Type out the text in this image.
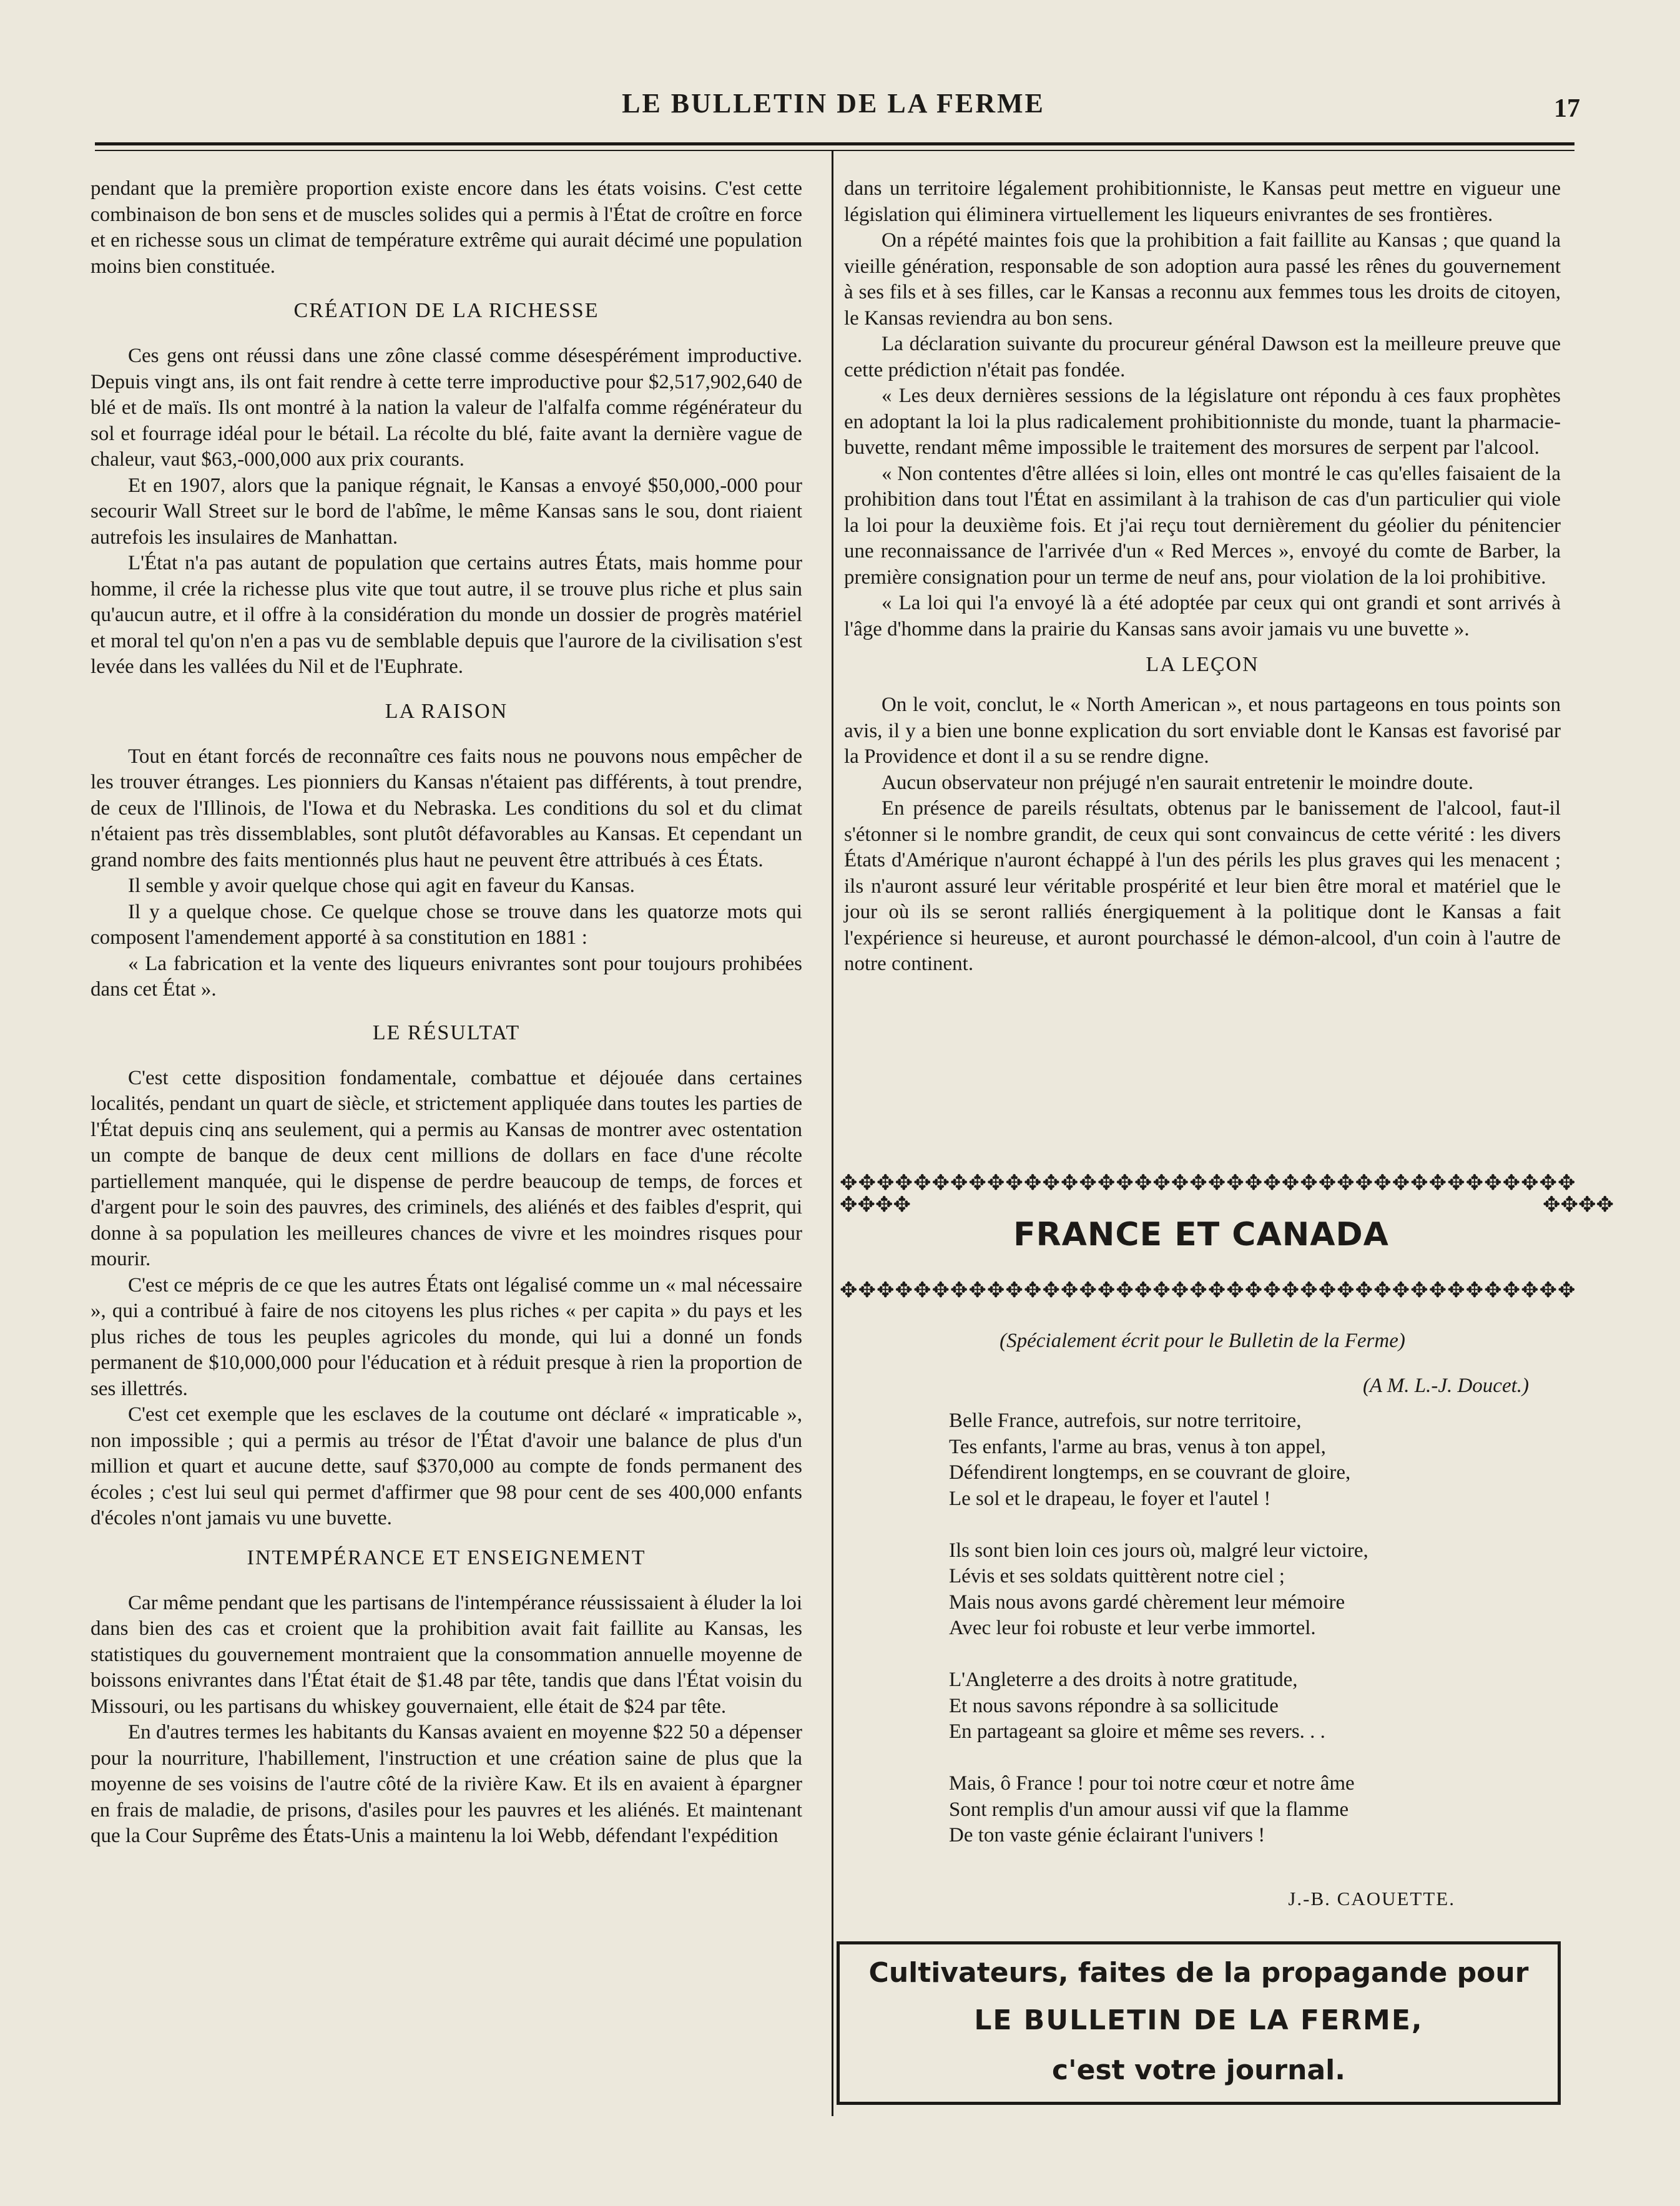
LE BULLETIN DE LA FERME	17

pendant que la première proportion existe encore dans les états voisins. C'est cette combinaison de bon sens et de muscles solides qui a permis à l'État de croître en force et en richesse sous un climat de température extrême qui aurait décimé une population moins bien constituée.

CRÉATION DE LA RICHESSE

Ces gens ont réussi dans une zône classé comme désespérément improductive. Depuis vingt ans, ils ont fait rendre à cette terre improductive pour $2,517,902,640 de blé et de maïs. Ils ont montré à la nation la valeur de l'alfalfa comme régénérateur du sol et fourrage idéal pour le bétail. La récolte du blé, faite avant la dernière vague de chaleur, vaut $63,-000,000 aux prix courants.

Et en 1907, alors que la panique régnait, le Kansas a envoyé $50,000,-000 pour secourir Wall Street sur le bord de l'abîme, le même Kansas sans le sou, dont riaient autrefois les insulaires de Manhattan.

L'État n'a pas autant de population que certains autres États, mais homme pour homme, il crée la richesse plus vite que tout autre, il se trouve plus riche et plus sain qu'aucun autre, et il offre à la considération du monde un dossier de progrès matériel et moral tel qu'on n'en a pas vu de semblable depuis que l'aurore de la civilisation s'est levée dans les vallées du Nil et de l'Euphrate.

LA RAISON

Tout en étant forcés de reconnaître ces faits nous ne pouvons nous empêcher de les trouver étranges. Les pionniers du Kansas n'étaient pas différents, à tout prendre, de ceux de l'Illinois, de l'Iowa et du Nebraska. Les conditions du sol et du climat n'étaient pas très dissemblables, sont plutôt défavorables au Kansas. Et cependant un grand nombre des faits mentionnés plus haut ne peuvent être attribués à ces États.

Il semble y avoir quelque chose qui agit en faveur du Kansas.

Il y a quelque chose. Ce quelque chose se trouve dans les quatorze mots qui composent l'amendement apporté à sa constitution en 1881 :

« La fabrication et la vente des liqueurs enivrantes sont pour toujours prohibées dans cet État ».

LE RÉSULTAT

C'est cette disposition fondamentale, combattue et déjouée dans certaines localités, pendant un quart de siècle, et strictement appliquée dans toutes les parties de l'État depuis cinq ans seulement, qui a permis au Kansas de montrer avec ostentation un compte de banque de deux cent millions de dollars en face d'une récolte partiellement manquée, qui le dispense de perdre beaucoup de temps, de forces et d'argent pour le soin des pauvres, des criminels, des aliénés et des faibles d'esprit, qui donne à sa population les meilleures chances de vivre et les moindres risques pour mourir.

C'est ce mépris de ce que les autres États ont légalisé comme un « mal nécessaire », qui a contribué à faire de nos citoyens les plus riches « per capita » du pays et les plus riches de tous les peuples agricoles du monde, qui lui a donné un fonds permanent de $10,000,000 pour l'éducation et à réduit presque à rien la proportion de ses illettrés.

C'est cet exemple que les esclaves de la coutume ont déclaré « impraticable », non impossible ; qui a permis au trésor de l'État d'avoir une balance de plus d'un million et quart et aucune dette, sauf $370,000 au compte de fonds permanent des écoles ; c'est lui seul qui permet d'affirmer que 98 pour cent de ses 400,000 enfants d'écoles n'ont jamais vu une buvette.

INTEMPÉRANCE ET ENSEIGNEMENT

Car même pendant que les partisans de l'intempérance réussissaient à éluder la loi dans bien des cas et croient que la prohibition avait fait faillite au Kansas, les statistiques du gouvernement montraient que la consommation annuelle moyenne de boissons enivrantes dans l'État était de $1.48 par tête, tandis que dans l'État voisin du Missouri, ou les partisans du whiskey gouvernaient, elle était de $24 par tête.

En d'autres termes les habitants du Kansas avaient en moyenne $22 50 a dépenser pour la nourriture, l'habillement, l'instruction et une création saine de plus que la moyenne de ses voisins de l'autre côté de la rivière Kaw. Et ils en avaient à épargner en frais de maladie, de prisons, d'asiles pour les pauvres et les aliénés. Et maintenant que la Cour Suprême des États-Unis a maintenu la loi Webb, défendant l'expédition

dans un territoire légalement prohibitionniste, le Kansas peut mettre en vigueur une législation qui éliminera virtuellement les liqueurs enivrantes de ses frontières.

On a répété maintes fois que la prohibition a fait faillite au Kansas ; que quand la vieille génération, responsable de son adoption aura passé les rênes du gouvernement à ses fils et à ses filles, car le Kansas a reconnu aux femmes tous les droits de citoyen, le Kansas reviendra au bon sens.

La déclaration suivante du procureur général Dawson est la meilleure preuve que cette prédiction n'était pas fondée.

« Les deux dernières sessions de la législature ont répondu à ces faux prophètes en adoptant la loi la plus radicalement prohibitionniste du monde, tuant la pharmacie-buvette, rendant même impossible le traitement des morsures de serpent par l'alcool.

« Non contentes d'être allées si loin, elles ont montré le cas qu'elles faisaient de la prohibition dans tout l'État en assimilant à la trahison de cas d'un particulier qui viole la loi pour la deuxième fois. Et j'ai reçu tout dernièrement du géolier du pénitencier une reconnaissance de l'arrivée d'un « Red Merces », envoyé du comte de Barber, la première consignation pour un terme de neuf ans, pour violation de la loi prohibitive.

« La loi qui l'a envoyé là a été adoptée par ceux qui ont grandi et sont arrivés à l'âge d'homme dans la prairie du Kansas sans avoir jamais vu une buvette ».

LA LEÇON

On le voit, conclut, le « North American », et nous partageons en tous points son avis, il y a bien une bonne explication du sort enviable dont le Kansas est favorisé par la Providence et dont il a su se rendre digne.

Aucun observateur non préjugé n'en saurait entretenir le moindre doute.

En présence de pareils résultats, obtenus par le banissement de l'alcool, faut-il s'étonner si le nombre grandit, de ceux qui sont convaincus de cette vérité : les divers États d'Amérique n'auront échappé à l'un des périls les plus graves qui les menacent ; ils n'auront assuré leur véritable prospérité et leur bien être moral et matériel que le jour où ils se seront ralliés énergiquement à la politique dont le Kansas a fait l'expérience si heureuse, et auront pourchassé le démon-alcool, d'un coin à l'autre de notre continent.

✥✥✥✥✥✥✥✥✥✥✥✥✥✥✥✥✥✥✥✥✥✥✥✥✥✥✥✥✥✥✥✥✥✥✥✥✥✥✥✥
✥✥✥✥
FRANCE ET CANADA
✥✥✥✥
✥✥✥✥✥✥✥✥✥✥✥✥✥✥✥✥✥✥✥✥✥✥✥✥✥✥✥✥✥✥✥✥✥✥✥✥✥✥✥✥
(Spécialement écrit pour le Bulletin de la Ferme)
(A M. L.-J. Doucet.)
Belle France, autrefois, sur notre territoire,
Tes enfants, l'arme au bras, venus à ton appel,
Défendirent longtemps, en se couvrant de gloire,
Le sol et le drapeau, le foyer et l'autel !
Ils sont bien loin ces jours où, malgré leur victoire,
Lévis et ses soldats quittèrent notre ciel ;
Mais nous avons gardé chèrement leur mémoire
Avec leur foi robuste et leur verbe immortel.
L'Angleterre a des droits à notre gratitude,
Et nous savons répondre à sa sollicitude
En partageant sa gloire et même ses revers. . .
Mais, ô France ! pour toi notre cœur et notre âme
Sont remplis d'un amour aussi vif que la flamme
De ton vaste génie éclairant l'univers !
J.-B. CAOUETTE.
Cultivateurs, faites de la propagande pour
LE BULLETIN DE LA FERME,
c'est votre journal.
